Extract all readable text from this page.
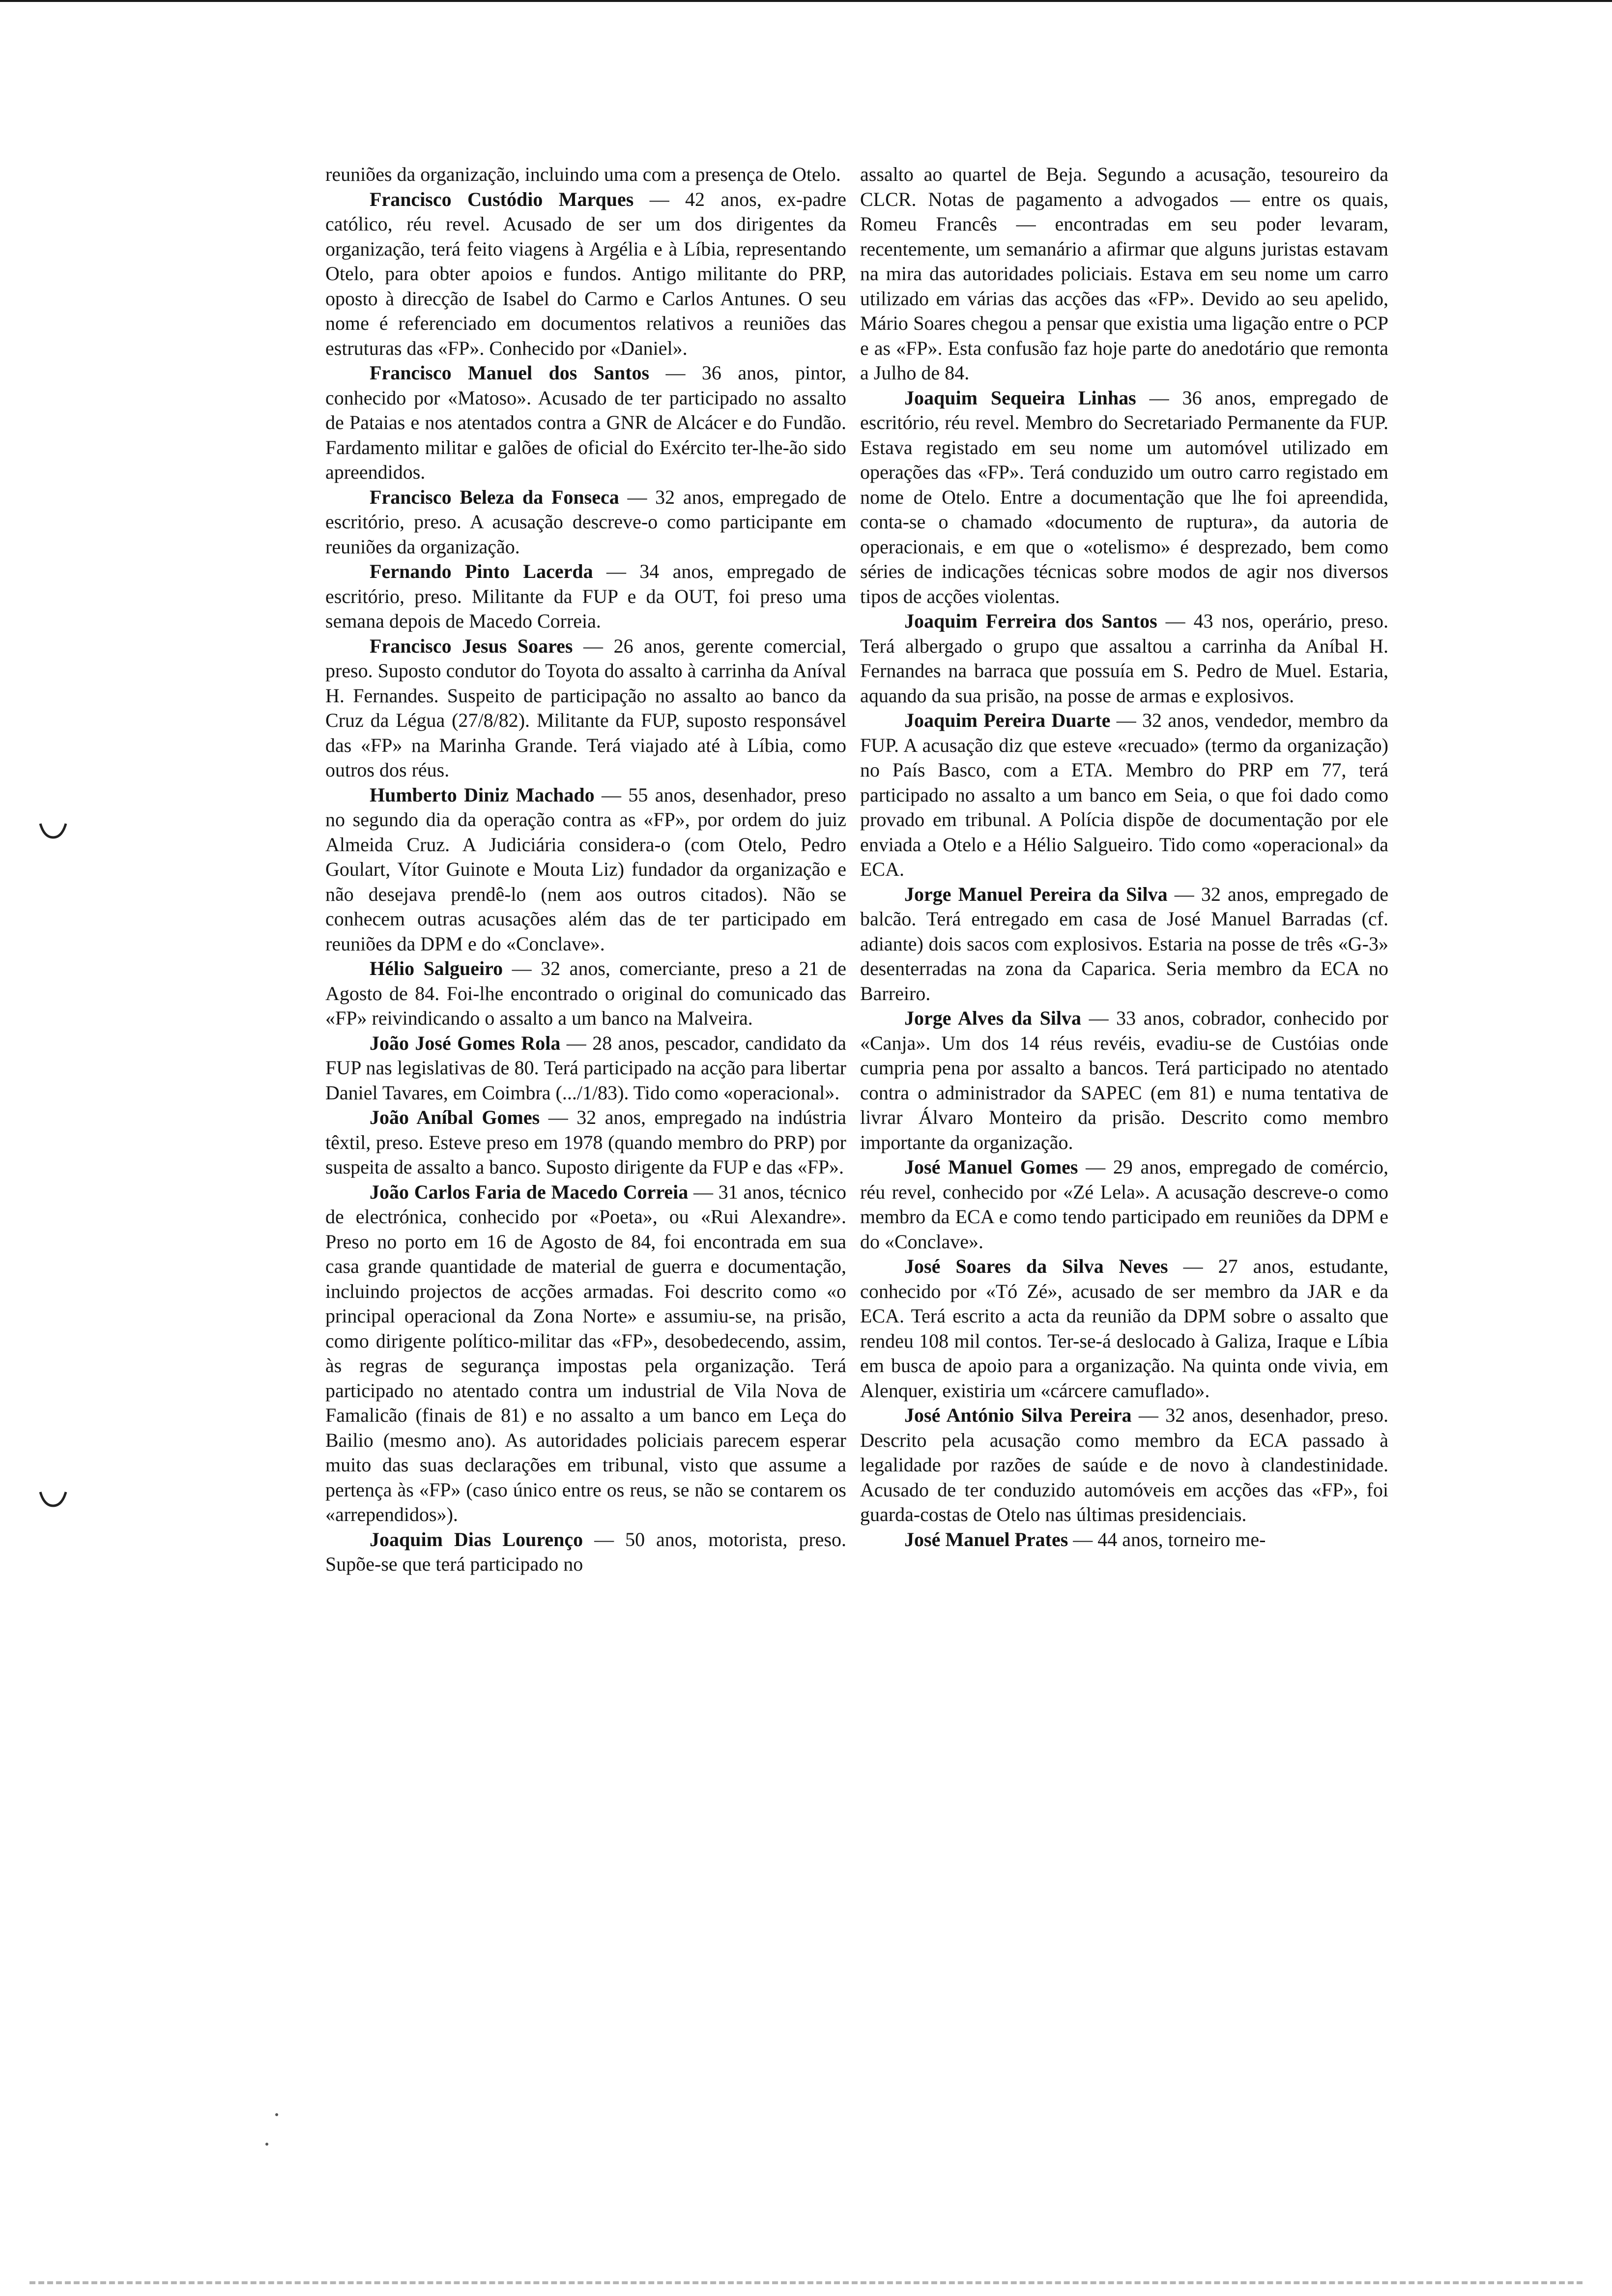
reuniões da organização, incluindo uma com a presença de Otelo.

Francisco Custódio Marques — 42 anos, ex-padre católico, réu revel. Acusado de ser um dos dirigentes da organização, terá feito viagens à Argélia e à Líbia, representando Otelo, para obter apoios e fundos. Antigo militante do PRP, oposto à direcção de Isabel do Carmo e Carlos Antunes. O seu nome é referenciado em documentos relativos a reuniões das estruturas das «FP». Conhecido por «Daniel».

Francisco Manuel dos Santos — 36 anos, pintor, conhecido por «Matoso». Acusado de ter participado no assalto de Pataias e nos atentados contra a GNR de Alcácer e do Fundão. Fardamento militar e galões de oficial do Exército ter-lhe-ão sido apreendidos.

Francisco Beleza da Fonseca — 32 anos, empregado de escritório, preso. A acusação descreve-o como participante em reuniões da organização.

Fernando Pinto Lacerda — 34 anos, empregado de escritório, preso. Militante da FUP e da OUT, foi preso uma semana depois de Macedo Correia.

Francisco Jesus Soares — 26 anos, gerente comercial, preso. Suposto condutor do Toyota do assalto à carrinha da Aníval H. Fernandes. Suspeito de participação no assalto ao banco da Cruz da Légua (27/8/82). Militante da FUP, suposto responsável das «FP» na Marinha Grande. Terá viajado até à Líbia, como outros dos réus.

Humberto Diniz Machado — 55 anos, desenhador, preso no segundo dia da operação contra as «FP», por ordem do juiz Almeida Cruz. A Judiciária considera-o (com Otelo, Pedro Goulart, Vítor Guinote e Mouta Liz) fundador da organização e não desejava prendê-lo (nem aos outros citados). Não se conhecem outras acusações além das de ter participado em reuniões da DPM e do «Conclave».

Hélio Salgueiro — 32 anos, comerciante, preso a 21 de Agosto de 84. Foi-lhe encontrado o original do comunicado das «FP» reivindicando o assalto a um banco na Malveira.

João José Gomes Rola — 28 anos, pescador, candidato da FUP nas legislativas de 80. Terá participado na acção para libertar Daniel Tavares, em Coimbra (.../1/83). Tido como «operacional».

João Aníbal Gomes — 32 anos, empregado na indústria têxtil, preso. Esteve preso em 1978 (quando membro do PRP) por suspeita de assalto a banco. Suposto dirigente da FUP e das «FP».

João Carlos Faria de Macedo Correia — 31 anos, técnico de electrónica, conhecido por «Poeta», ou «Rui Alexandre». Preso no porto em 16 de Agosto de 84, foi encontrada em sua casa grande quantidade de material de guerra e documentação, incluindo projectos de acções armadas. Foi descrito como «o principal operacional da Zona Norte» e assumiu-se, na prisão, como dirigente político-militar das «FP», desobedecendo, assim, às regras de segurança impostas pela organização. Terá participado no atentado contra um industrial de Vila Nova de Famalicão (finais de 81) e no assalto a um banco em Leça do Bailio (mesmo ano). As autoridades policiais parecem esperar muito das suas declarações em tribunal, visto que assume a pertença às «FP» (caso único entre os reus, se não se contarem os «arrependidos»).

Joaquim Dias Lourenço — 50 anos, motorista, preso. Supõe-se que terá participado no

assalto ao quartel de Beja. Segundo a acusação, tesoureiro da CLCR. Notas de pagamento a advogados — entre os quais, Romeu Francês — encontradas em seu poder levaram, recentemente, um semanário a afirmar que alguns juristas estavam na mira das autoridades policiais. Estava em seu nome um carro utilizado em várias das acções das «FP». Devido ao seu apelido, Mário Soares chegou a pensar que existia uma ligação entre o PCP e as «FP». Esta confusão faz hoje parte do anedotário que remonta a Julho de 84.

Joaquim Sequeira Linhas — 36 anos, empregado de escritório, réu revel. Membro do Secretariado Permanente da FUP. Estava registado em seu nome um automóvel utilizado em operações das «FP». Terá conduzido um outro carro registado em nome de Otelo. Entre a documentação que lhe foi apreendida, conta-se o chamado «documento de ruptura», da autoria de operacionais, e em que o «otelismo» é desprezado, bem como séries de indicações técnicas sobre modos de agir nos diversos tipos de acções violentas.

Joaquim Ferreira dos Santos — 43 nos, operário, preso. Terá albergado o grupo que assaltou a carrinha da Aníbal H. Fernandes na barraca que possuía em S. Pedro de Muel. Estaria, aquando da sua prisão, na posse de armas e explosivos.

Joaquim Pereira Duarte — 32 anos, vendedor, membro da FUP. A acusação diz que esteve «recuado» (termo da organização) no País Basco, com a ETA. Membro do PRP em 77, terá participado no assalto a um banco em Seia, o que foi dado como provado em tribunal. A Polícia dispõe de documentação por ele enviada a Otelo e a Hélio Salgueiro. Tido como «operacional» da ECA.

Jorge Manuel Pereira da Silva — 32 anos, empregado de balcão. Terá entregado em casa de José Manuel Barradas (cf. adiante) dois sacos com explosivos. Estaria na posse de três «G-3» desenterradas na zona da Caparica. Seria membro da ECA no Barreiro.

Jorge Alves da Silva — 33 anos, cobrador, conhecido por «Canja». Um dos 14 réus revéis, evadiu-se de Custóias onde cumpria pena por assalto a bancos. Terá participado no atentado contra o administrador da SAPEC (em 81) e numa tentativa de livrar Álvaro Monteiro da prisão. Descrito como membro importante da organização.

José Manuel Gomes — 29 anos, empregado de comércio, réu revel, conhecido por «Zé Lela». A acusação descreve-o como membro da ECA e como tendo participado em reuniões da DPM e do «Conclave».

José Soares da Silva Neves — 27 anos, estudante, conhecido por «Tó Zé», acusado de ser membro da JAR e da ECA. Terá escrito a acta da reunião da DPM sobre o assalto que rendeu 108 mil contos. Ter-se-á deslocado à Galiza, Iraque e Líbia em busca de apoio para a organização. Na quinta onde vivia, em Alenquer, existiria um «cárcere camuflado».

José António Silva Pereira — 32 anos, desenhador, preso. Descrito pela acusação como membro da ECA passado à legalidade por razões de saúde e de novo à clandestinidade. Acusado de ter conduzido automóveis em acções das «FP», foi guarda-costas de Otelo nas últimas presidenciais.

José Manuel Prates — 44 anos, torneiro me-
